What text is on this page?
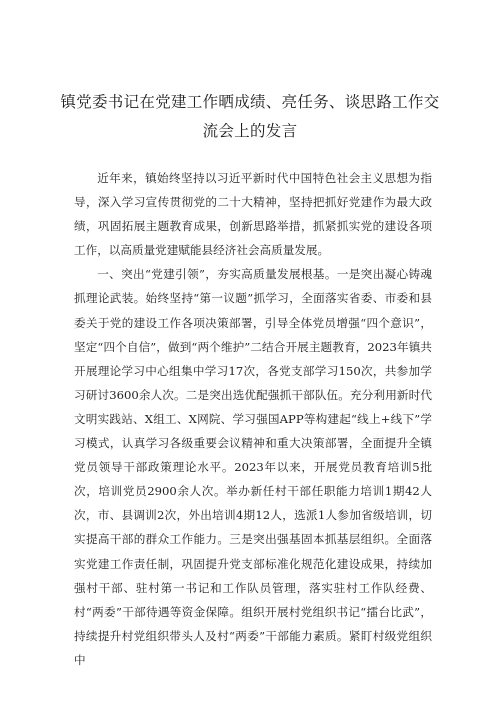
镇党委书记在党建工作晒成绩、亮任务、谈思路工作交
流会上的发言

近年来，镇始终坚持以习近平新时代中国特色社会主义思想为指导，深入学习宣传贯彻党的二十大精神，坚持把抓好党建作为最大政绩，巩固拓展主题教育成果，创新思路举措，抓紧抓实党的建设各项工作，以高质量党建赋能县经济社会高质量发展。

一、突出“党建引领”，夯实高质量发展根基。一是突出凝心铸魂抓理论武装。始终坚持“第一议题”抓学习，全面落实省委、市委和县委关于党的建设工作各项决策部署，引导全体党员增强“四个意识”，坚定“四个自信”，做到“两个维护”二结合开展主题教育，2023年镇共开展理论学习中心组集中学习17次，各党支部学习150次，共参加学习研讨3600余人次。二是突出选优配强抓干部队伍。充分利用新时代文明实践站、X组工、X网院、学习强国APP等构建起“线上+线下”学习模式，认真学习各级重要会议精神和重大决策部署，全面提升全镇党员领导干部政策理论水平。2023年以来，开展党员教育培训5批次，培训党员2900余人次。举办新任村干部任职能力培训1期42人次，市、县调训2次，外出培训4期12人，选派1人参加省级培训，切实提高干部的群众工作能力。三是突出强基固本抓基层组织。全面落实党建工作责任制，巩固提升党支部标准化规范化建设成果，持续加强村干部、驻村第一书记和工作队员管理，落实驻村工作队经费、村“两委”干部待遇等资金保障。组织开展村党组织书记“擂台比武”，持续提升村党组织带头人及村“两委”干部能力素质。紧盯村级党组织中
